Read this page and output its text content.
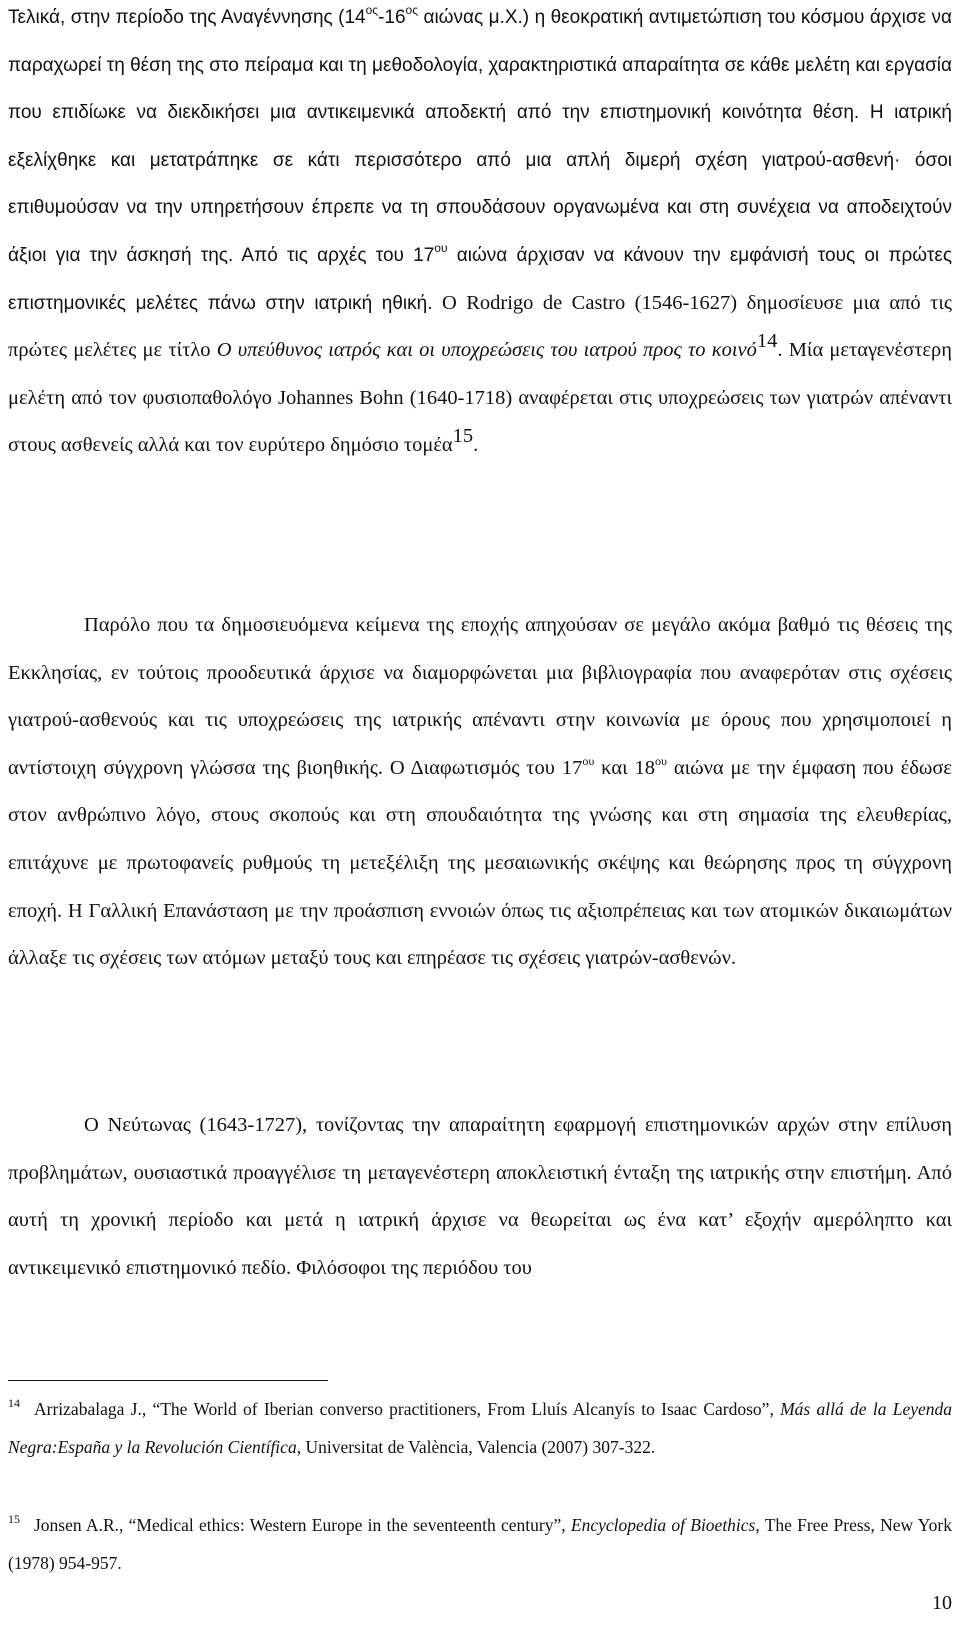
Τελικά, στην περίοδο της Αναγέννησης ($14^{o\varsigma}-16^{o\varsigma}$ αιώνας μ.Χ.) η θεοκρατική αντιμετώπιση του κόσμου άρχισε να παραχωρεί τη θέση της στο πείραμα και τη μεθοδολογία, χαρακτηριστικά απαραίτητα σε κάθε μελέτη και εργασία που επιδίωκε να διεκδικήσει μια αντικειμενικά αποδεκτή από την επιστημονική κοινότητα θέση. Η ιατρική εξελίχθηκε και μετατράπηκε σε κάτι περισσότερο από μια απλή διμερή σχέση γιατρού-ασθενή· όσοι επιθυμούσαν να την υπηρετήσουν έπρεπε να τη σπουδάσουν οργανωμένα και στη συνέχεια να αποδειχτούν άξιοι για την άσκησή της. Από τις αρχές του $17^{o\upsilon}$ αιώνα άρχισαν να κάνουν την εμφάνισή τους οι πρώτες επιστημονικές μελέτες πάνω στην ιατρική ηθική. Ο Rodrigo de Castro (1546-1627) δημοσίευσε μια από τις πρώτες μελέτες με τίτλο Ο υπεύθυνος ιατρός και οι υποχρεώσεις του ιατρού προς το κοινό$^{14}$. Μία μεταγενέστερη μελέτη από τον φυσιοπαθολόγο Johannes Bohn (1640-1718) αναφέρεται στις υποχρεώσεις των γιατρών απέναντι στους ασθενείς αλλά και τον ευρύτερο δημόσιο τομέα$^{15}$.

Παρόλο που τα δημοσιευόμενα κείμενα της εποχής απηχούσαν σε μεγάλο ακόμα βαθμό τις θέσεις της Εκκλησίας, εν τούτοις προοδευτικά άρχισε να διαμορφώνεται μια βιβλιογραφία που αναφερόταν στις σχέσεις γιατρού-ασθενούς και τις υποχρεώσεις της ιατρικής απέναντι στην κοινωνία με όρους που χρησιμοποιεί η αντίστοιχη σύγχρονη γλώσσα της βιοηθικής. Ο Διαφωτισμός του $17^{o\upsilon}$ και $18^{o\upsilon}$ αιώνα με την έμφαση που έδωσε στον ανθρώπινο λόγο, στους σκοπούς και στη σπουδαιότητα της γνώσης και στη σημασία της ελευθερίας, επιτάχυνε με πρωτοφανείς ρυθμούς τη μετεξέλιξη της μεσαιωνικής σκέψης και θεώρησης προς τη σύγχρονη εποχή. Η Γαλλική Επανάσταση με την προάσπιση εννοιών όπως τις αξιοπρέπειας και των ατομικών δικαιωμάτων άλλαξε τις σχέσεις των ατόμων μεταξύ τους και επηρέασε τις σχέσεις γιατρών-ασθενών.

Ο Νεύτωνας (1643-1727), τονίζοντας την απαραίτητη εφαρμογή επιστημονικών αρχών στην επίλυση προβλημάτων, ουσιαστικά προαγγέλισε τη μεταγενέστερη αποκλειστική ένταξη της ιατρικής στην επιστήμη. Από αυτή τη χρονική περίοδο και μετά η ιατρική άρχισε να θεωρείται ως ένα κατ’ εξοχήν αμερόληπτο και αντικειμενικό επιστημονικό πεδίο. Φιλόσοφοι της περιόδου του

$^{14}$ Arrizabalaga J., “The World of Iberian converso practitioners, From Lluís Alcanyís to Isaac Cardoso”, Más allá de la Leyenda Negra:España y la Revolución Científica, Universitat de València, Valencia (2007) 307-322.

$^{15}$ Jonsen A.R., “Medical ethics: Western Europe in the seventeenth century”, Encyclopedia of Bioethics, The Free Press, New York (1978) 954-957.

10
